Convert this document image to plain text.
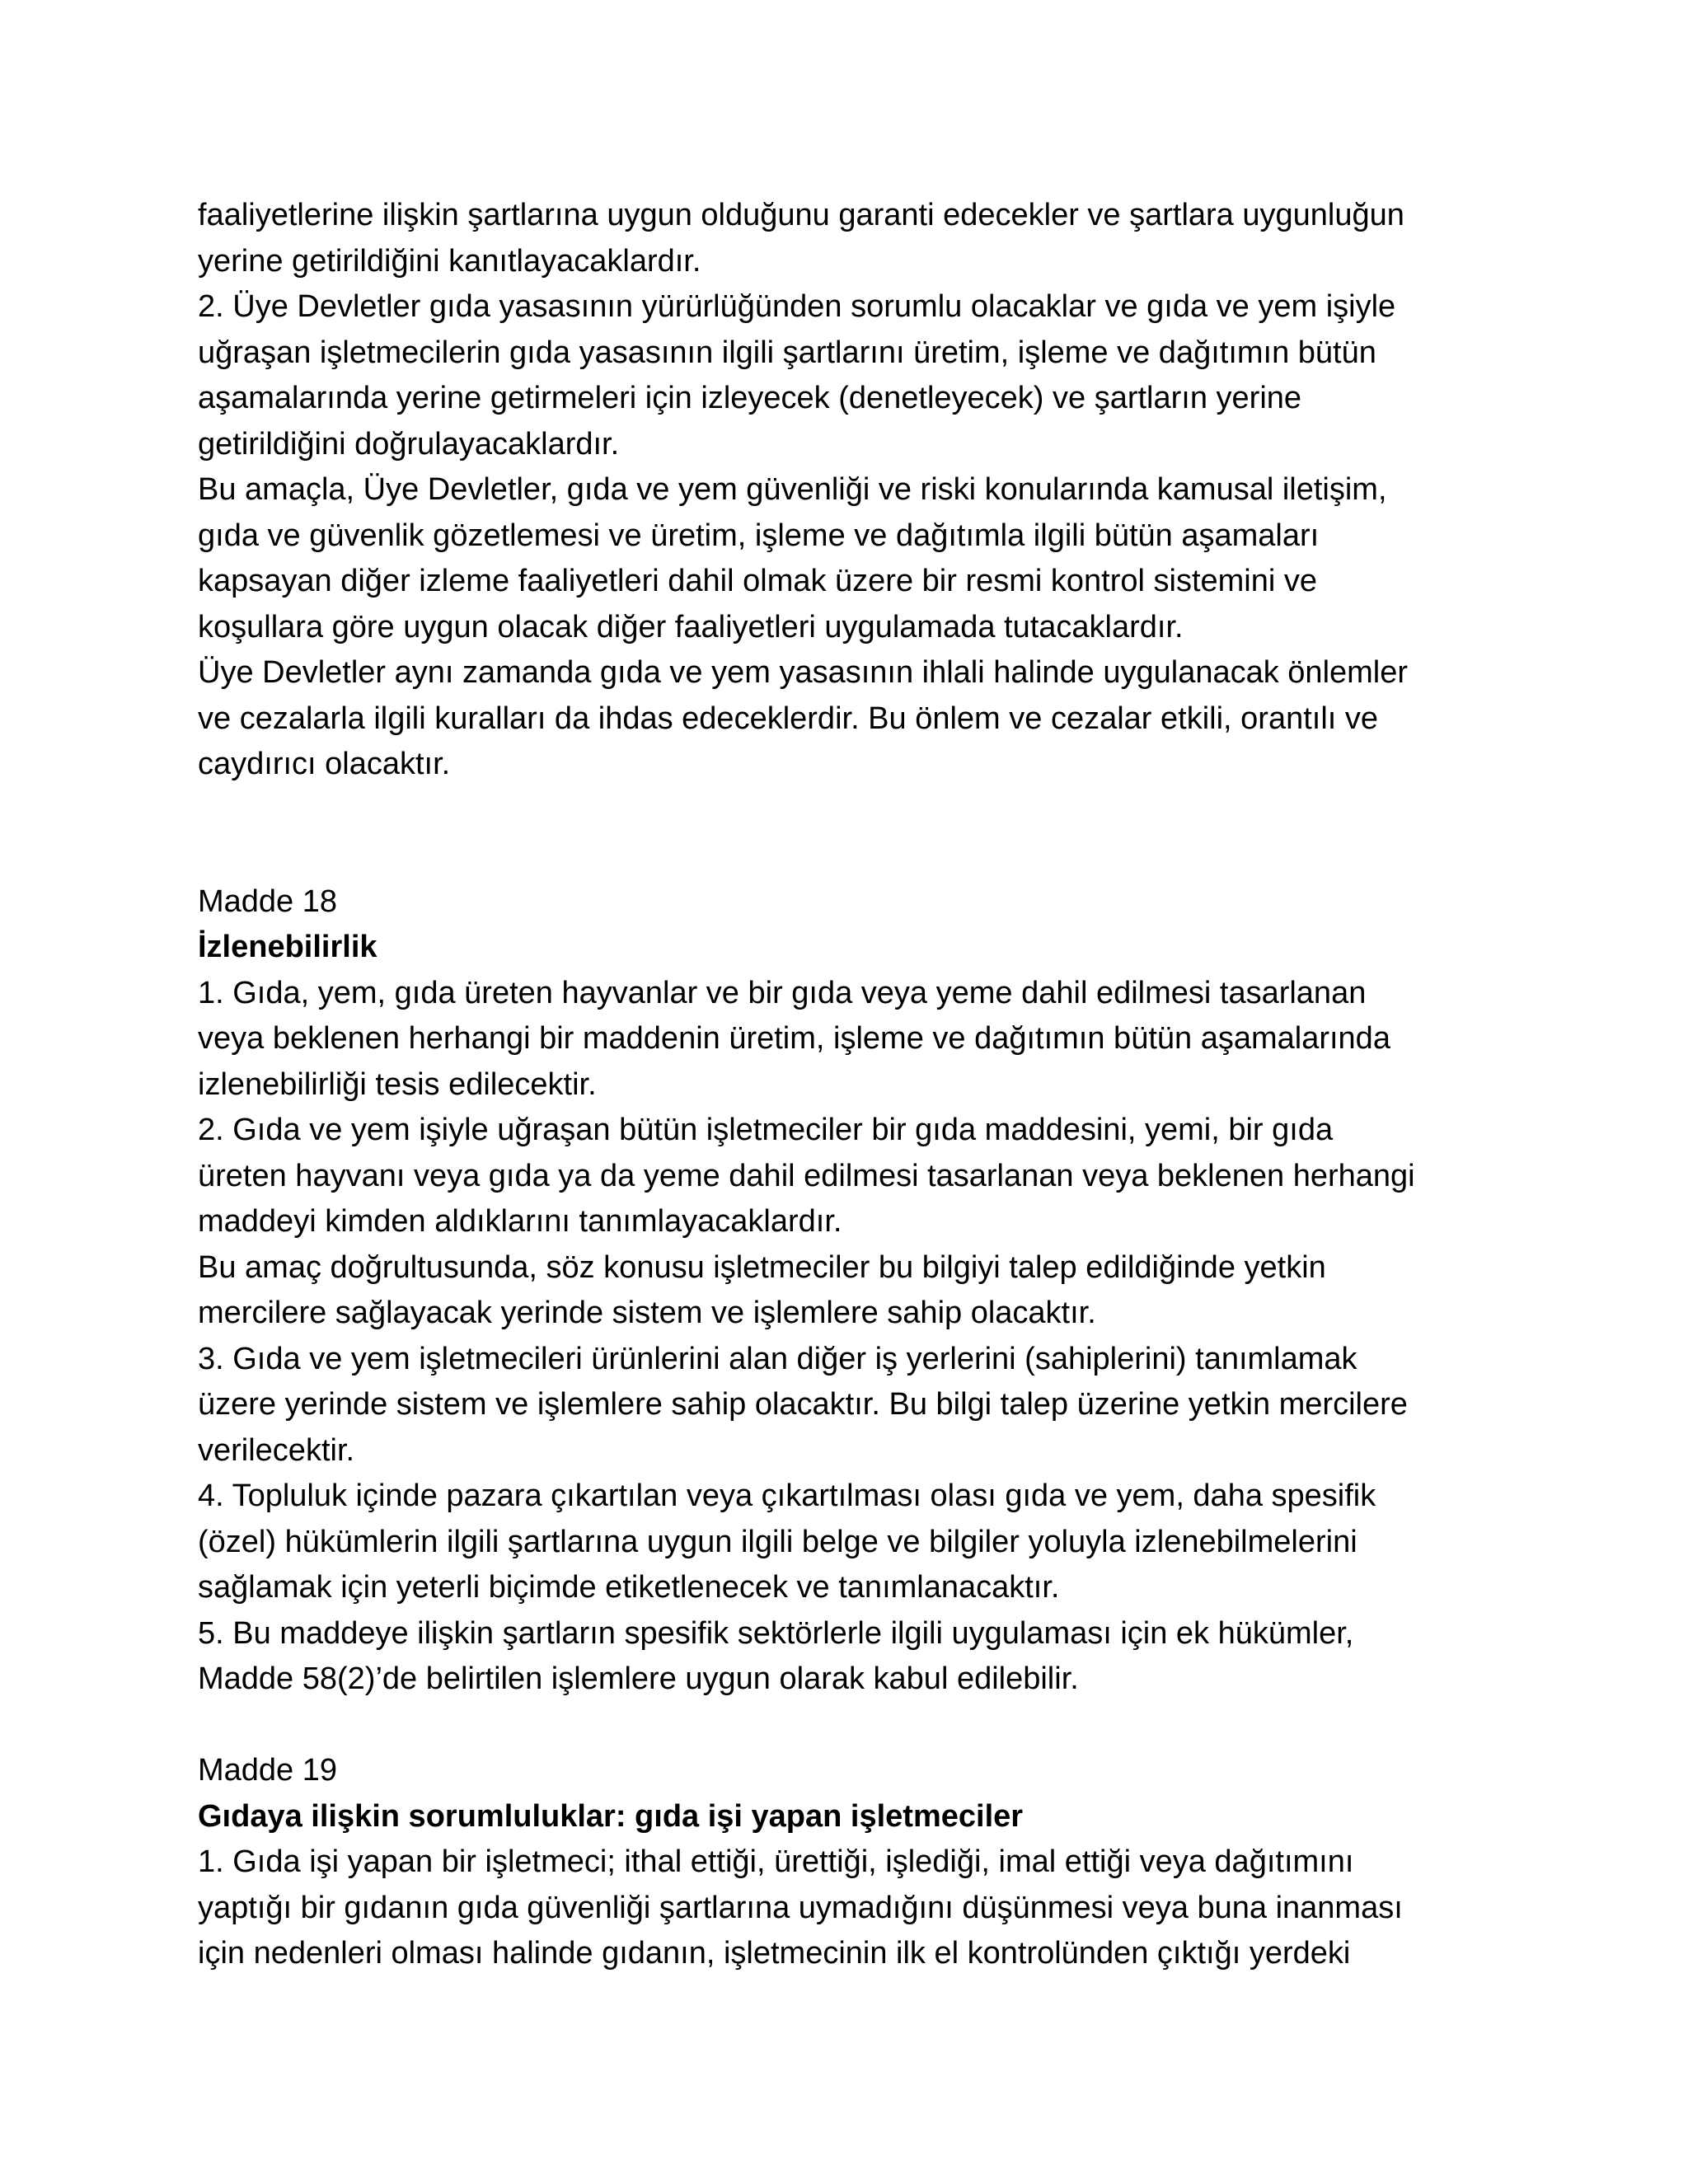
faaliyetlerine ilişkin şartlarına uygun olduğunu garanti edecekler ve şartlara uygunluğun
yerine getirildiğini kanıtlayacaklardır.
2. Üye Devletler gıda yasasının yürürlüğünden sorumlu olacaklar ve gıda ve yem işiyle
uğraşan işletmecilerin gıda yasasının ilgili şartlarını üretim, işleme ve dağıtımın bütün
aşamalarında yerine getirmeleri için izleyecek (denetleyecek) ve şartların yerine
getirildiğini doğrulayacaklardır.
Bu amaçla, Üye Devletler, gıda ve yem güvenliği ve riski konularında kamusal iletişim,
gıda ve güvenlik gözetlemesi ve üretim, işleme ve dağıtımla ilgili bütün aşamaları
kapsayan diğer izleme faaliyetleri dahil olmak üzere bir resmi kontrol sistemini ve
koşullara göre uygun olacak diğer faaliyetleri uygulamada tutacaklardır.
Üye Devletler aynı zamanda gıda ve yem yasasının ihlali halinde uygulanacak önlemler
ve cezalarla ilgili kuralları da ihdas edeceklerdir. Bu önlem ve cezalar etkili, orantılı ve
caydırıcı olacaktır.
Madde 18
İzlenebilirlik
1. Gıda, yem, gıda üreten hayvanlar ve bir gıda veya yeme dahil edilmesi tasarlanan
veya beklenen herhangi bir maddenin üretim, işleme ve dağıtımın bütün aşamalarında
izlenebilirliği tesis edilecektir.
2. Gıda ve yem işiyle uğraşan bütün işletmeciler bir gıda maddesini, yemi, bir gıda
üreten hayvanı veya gıda ya da yeme dahil edilmesi tasarlanan veya beklenen herhangi
maddeyi kimden aldıklarını tanımlayacaklardır.
Bu amaç doğrultusunda, söz konusu işletmeciler bu bilgiyi talep edildiğinde yetkin
mercilere sağlayacak yerinde sistem ve işlemlere sahip olacaktır.
3. Gıda ve yem işletmecileri ürünlerini alan diğer iş yerlerini (sahiplerini) tanımlamak
üzere yerinde sistem ve işlemlere sahip olacaktır. Bu bilgi talep üzerine yetkin mercilere
verilecektir.
4. Topluluk içinde pazara çıkartılan veya çıkartılması olası gıda ve yem, daha spesifik
(özel) hükümlerin ilgili şartlarına uygun ilgili belge ve bilgiler yoluyla izlenebilmelerini
sağlamak için yeterli biçimde etiketlenecek ve tanımlanacaktır.
5. Bu maddeye ilişkin şartların spesifik sektörlerle ilgili uygulaması için ek hükümler,
Madde 58(2)’de belirtilen işlemlere uygun olarak kabul edilebilir.
Madde 19
Gıdaya ilişkin sorumluluklar: gıda işi yapan işletmeciler
1. Gıda işi yapan bir işletmeci; ithal ettiği, ürettiği, işlediği, imal ettiği veya dağıtımını
yaptığı bir gıdanın gıda güvenliği şartlarına uymadığını düşünmesi veya buna inanması
için nedenleri olması halinde gıdanın, işletmecinin ilk el kontrolünden çıktığı yerdeki
